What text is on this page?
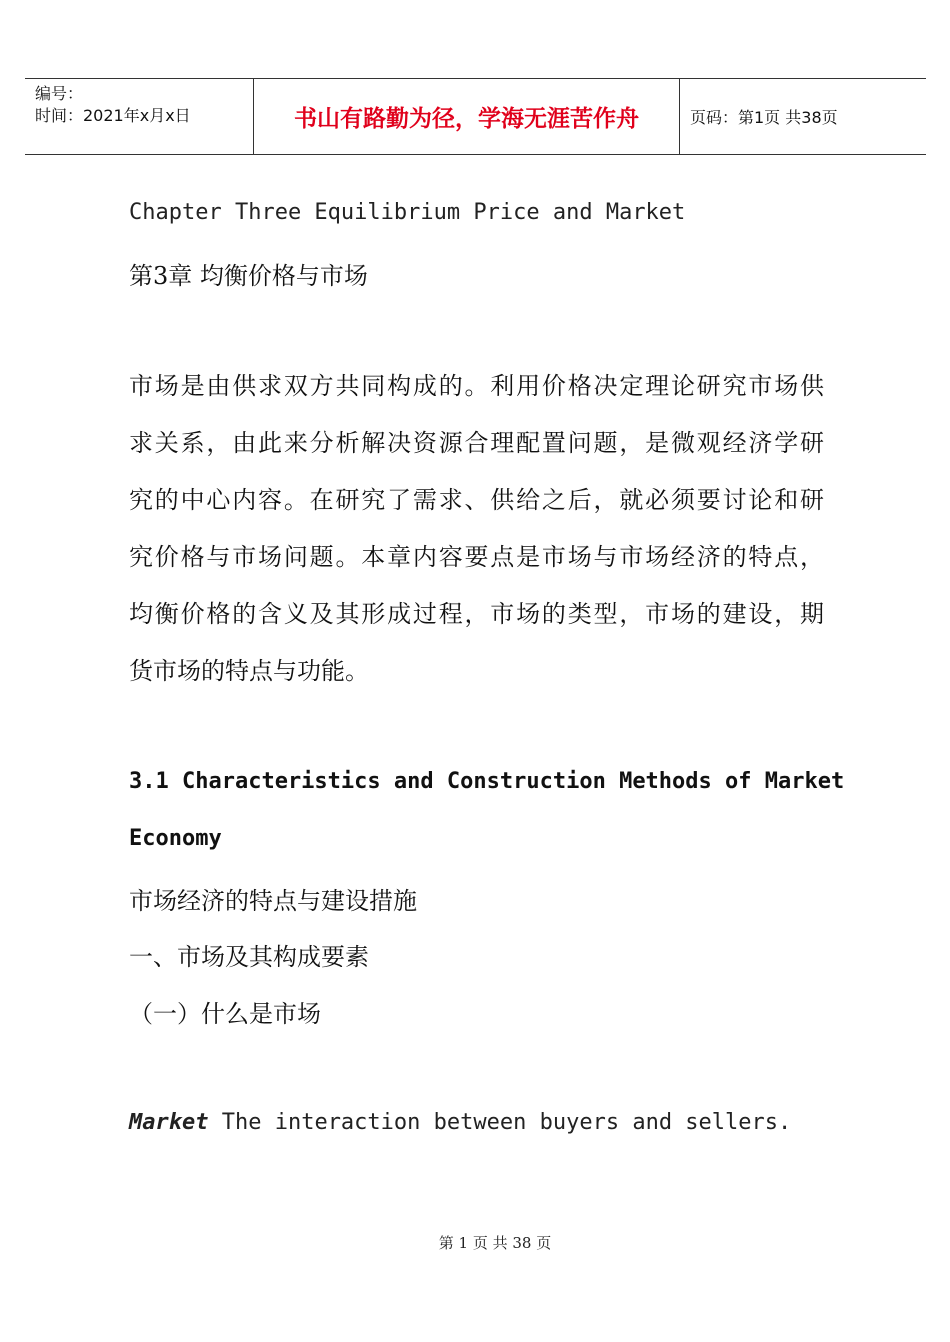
编号：
时间：2021年x月x日	书山有路勤为径，学海无涯苦作舟	页码：第1页 共38页
Chapter Three Equilibrium Price and Market
第3章 均衡价格与市场
市场是由供求双方共同构成的。利用价格决定理论研究市场供
求关系，由此来分析解决资源合理配置问题，是微观经济学研
究的中心内容。在研究了需求、供给之后，就必须要讨论和研
究价格与市场问题。本章内容要点是市场与市场经济的特点，
均衡价格的含义及其形成过程，市场的类型，市场的建设，期
货市场的特点与功能。
3.1 Characteristics and Construction Methods of Market
Economy
市场经济的特点与建设措施
一、市场及其构成要素
（一）什么是市场
Market The interaction between buyers and sellers.
第 1 页 共 38 页
